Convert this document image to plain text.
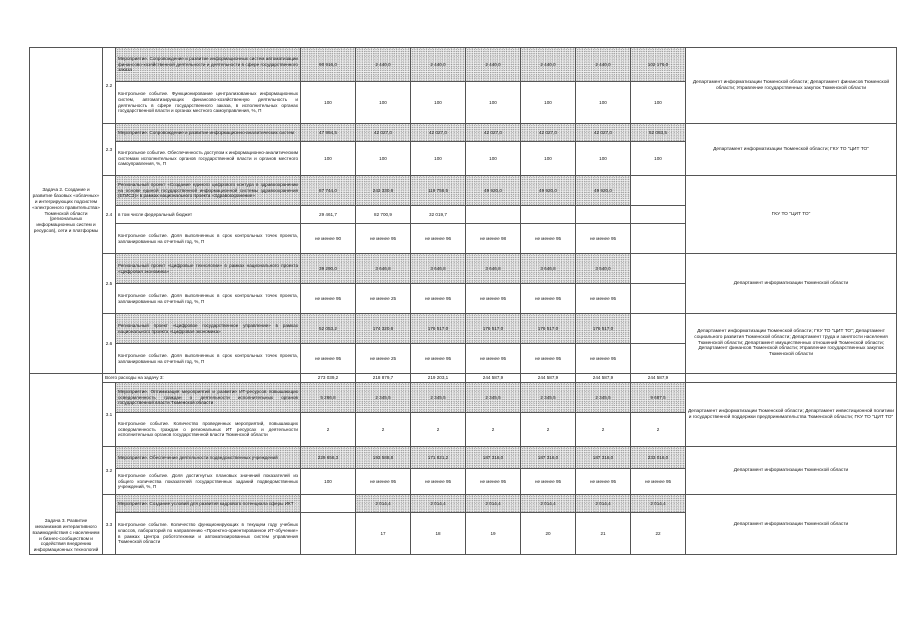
Задача 2. Создание и развитие базовых «облачных» и интегрирующих подсистем «электронного правительства» Тюменской области (региональных информационных систем и ресурсов), сети и платформы	2.2	Мероприятие. Сопровождение и развитие информационных систем автоматизации финансово-хозяйственной деятельности и деятельности в сфере государственного заказа	90 916,0	2 440,0	2 440,0	2 440,0	2 440,0	2 440,0	102 176,0	Департамент информатизации Тюменской области; Департамент финансов Тюменской области; Управление государственных закупок Тюменской области
		Контрольное событие. Функционирование централизованных информационных систем, автоматизирующих финансово-хозяйственную деятельность и деятельность в сфере государственного заказа, в исполнительных органах государственной власти и органах местного самоуправления, %, П	100	100	100	100	100	100	100	
	2.3	Мероприятие. Сопровождение и развитие информационно-аналитических систем	47 994,5	42 027,0	42 027,0	42 027,0	42 027,0	42 027,0	52 093,5	Департамент информатизации Тюменской области; ГКУ ТО "ЦИТ ТО"
		Контрольное событие. Обеспеченность доступом к информационно-аналитическим системам исполнительных органов государственной власти и органов местного самоуправления, %, П	100	100	100	100	100	100	100	
	2.4	Региональный проект «Создание единого цифрового контура в здравоохранении на основе единой государственной информационной системы здравоохранения (ЕГИСЗ)» в рамках национального проекта «Здравоохранение»	87 744,0	243 330,6	119 758,5	49 920,0	49 920,0	49 920,0		ГКУ ТО "ЦИТ ТО"
		в том числе федеральный бюджет	29 461,7	82 700,9	32 019,7					
		Контрольное событие. Доля выполненных в срок контрольных точек проекта, запланированных на отчетный год, %, П	не менее 90	не менее 95	не менее 96	не менее 98	не менее 95	не менее 95		
	2.5	Региональный проект «Цифровые технологии» в рамках национального проекта «Цифровая экономика»	39 290,0	3 646,8	3 646,8	3 646,8	3 646,8	3 540,0		Департамент информатизации Тюменской области
		Контрольное событие. Доля выполненных в срок контрольных точек проекта, запланированных на отчетный год, %, П	не менее 95	не менее 25	не менее 95	не менее 95	не менее 95	не менее 95		
	2.6	Региональный проект «Цифровое государственное управление» в рамках национального проекта «Цифровая экономика»	52 053,2	174 320,6	176 517,0	176 517,0	176 517,0	176 517,0		Департамент информатизации Тюменской области; ГКУ ТО "ЦИТ ТО"; Департамент социального развития Тюменской области; Департамент труда и занятости населения Тюменской области; Департамент имущественных отношений Тюменской области; Департамент финансов Тюменской области; Управление государственных закупок Тюменской области
		Контрольное событие. Доля выполненных в срок контрольных точек проекта, запланированных на отчетный год, %, П	не менее 95	не менее 25	не менее 95	не менее 95	не менее 95	не менее 95		

Задача 3. Развитие механизмов интерактивного взаимодействия с населением и бизнес-сообществом и содействия внедрению информационных технологий	Всего расходы на задачу 3:		273 039,2	218 879,7	219 203,1	244 587,9	244 587,9	244 587,9	244 587,9	
	3.1	Мероприятие. Оптимизация мероприятий и развитие ИТ-ресурсов повышающих осведомленность граждан о деятельности исполнительных органов государственной власти Тюменской области	5 266,8	2 345,5	2 345,5	2 345,5	2 345,5	2 345,5	9 687,5	Департамент информатизации Тюменской области; Департамент инвестиционной политики и государственной поддержки предпринимательства Тюменской области; ГКУ ТО "ЦИТ ТО"
		Контрольное событие. Количество проведенных мероприятий, повышающих осведомленность граждан о региональных ИТ ресурсах и деятельности исполнительных органов государственной власти Тюменской области	2	2	2	2	2	2	2	
	3.2	Мероприятие. Обеспечение деятельности подведомственных учреждений	229 656,3	193 588,8	171 821,2	187 316,0	187 316,0	187 316,0	233 016,0	Департамент информатизации Тюменской области
		Контрольное событие. Доля достигнутых плановых значений показателей из общего количества показателей государственных заданий подведомственных учреждений, %, П	100	не менее 95	не менее 95	не менее 95	не менее 95	не менее 95	не менее 95	
	3.3	Мероприятие. Создание условий для развития кадрового потенциала сферы ИКТ		2 014,4	2 014,4	2 014,4	2 014,4	2 014,4	2 014,4	Департамент информатизации Тюменской области
		Контрольное событие. Количество функционирующих в текущем году учебных классов, лабораторий по направлению «Проектно-ориентированное ИТ-обучение» в рамках Центра робототехники и автоматизированных систем управления Тюменской области		17	18	19	20	21	22	
